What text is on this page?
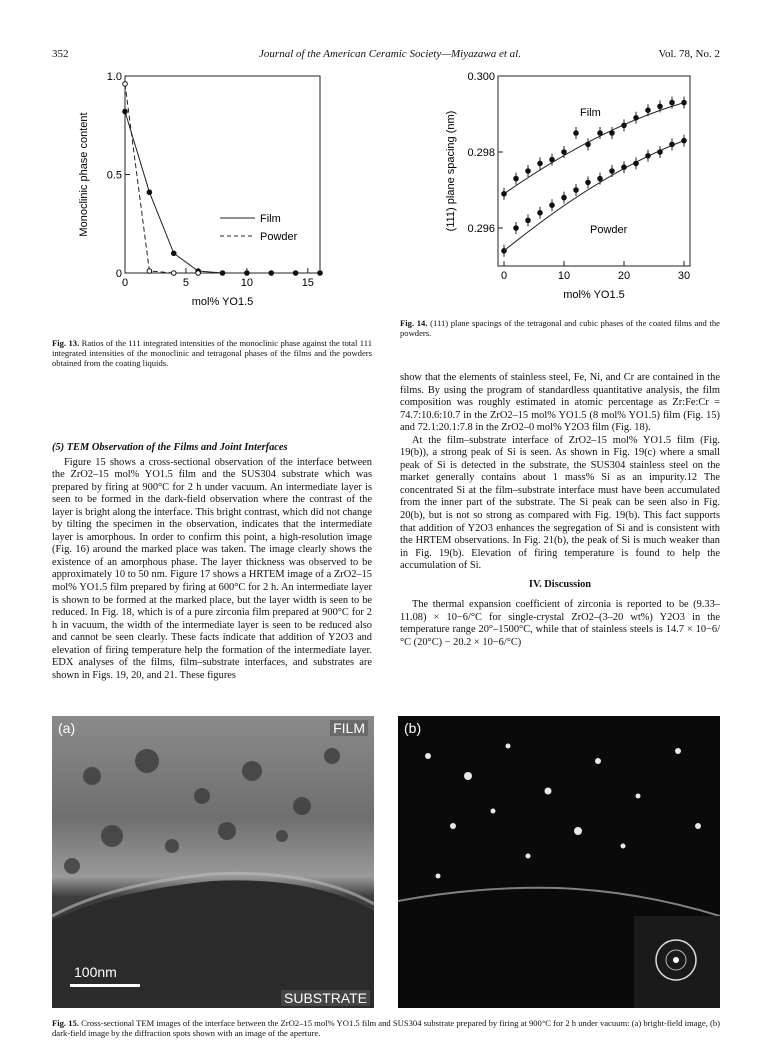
352	Journal of the American Ceramic Society—Miyazawa et al.	Vol. 78, No. 2
0
0.5
1.0
0	5	10	15
mol% YO1.5
Monoclinic phase content	Film
Powder
Fig. 13. Ratios of the 111 integrated intensities of the monoclinic phase against the total 111 integrated intensities of the monoclinic and tetragonal phases of the films and the powders obtained from the coating liquids.
0.296
0.298
0.300
0	10	20	30
mol% YO1.5
(111) plane spacing (nm)	Film
Powder
Fig. 14. (111) plane spacings of the tetragonal and cubic phases of the coated films and the powders.

(5) TEM Observation of the Films and Joint Interfaces

Figure 15 shows a cross-sectional observation of the interface between the ZrO2–15 mol% YO1.5 film and the SUS304 substrate which was prepared by firing at 900°C for 2 h under vacuum. An intermediate layer is seen to be formed in the dark-field observation where the contrast of the layer is bright along the interface. This bright contrast, which did not change by tilting the specimen in the observation, indicates that the intermediate layer is amorphous. In order to confirm this point, a high-resolution image (Fig. 16) around the marked place was taken. The image clearly shows the existence of an amorphous phase. The layer thickness was observed to be approximately 10 to 50 nm. Figure 17 shows a HRTEM image of a ZrO2–15 mol% YO1.5 film prepared by firing at 600°C for 2 h. An intermediate layer is shown to be formed at the marked place, but the layer width is seen to be reduced. In Fig. 18, which is of a pure zirconia film prepared at 900°C for 2 h in vacuum, the width of the intermediate layer is seen to be reduced also and cannot be seen clearly. These facts indicate that addition of Y2O3 and elevation of firing temperature help the formation of the intermediate layer. EDX analyses of the films, film–substrate interfaces, and substrates are shown in Figs. 19, 20, and 21. These figures

show that the elements of stainless steel, Fe, Ni, and Cr are contained in the films. By using the program of standardless quantitative analysis, the film composition was roughly estimated in atomic percentage as Zr:Fe:Cr = 74.7:10.6:10.7 in the ZrO2–15 mol% YO1.5 (8 mol% YO1.5) film (Fig. 15) and 72.1:20.1:7.8 in the ZrO2–0 mol% Y2O3 film (Fig. 18).

At the film–substrate interface of ZrO2–15 mol% YO1.5 film (Fig. 19(b)), a strong peak of Si is seen. As shown in Fig. 19(c) where a small peak of Si is detected in the substrate, the SUS304 stainless steel on the market generally contains about 1 mass% Si as an impurity.12 The concentrated Si at the film–substrate interface must have been accumulated from the inner part of the substrate. The Si peak can be seen also in Fig. 20(b), but is not so strong as compared with Fig. 19(b). This fact supports that addition of Y2O3 enhances the segregation of Si and is consistent with the HRTEM observations. In Fig. 21(b), the peak of Si is much weaker than in Fig. 19(b). Elevation of firing temperature is found to help the accumulation of Si.

IV. Discussion

The thermal expansion coefficient of zirconia is reported to be (9.33–11.08) × 10−6/°C for single-crystal ZrO2–(3–20 wt%) Y2O3 in the temperature range 20°–1500°C, while that of stainless steels is 14.7 × 10−6/°C (20°C) − 20.2 × 10−6/°C)

(a)	FILM
100nm
SUBSTRATE
(b)
Fig. 15. Cross-sectional TEM images of the interface between the ZrO2–15 mol% YO1.5 film and SUS304 substrate prepared by firing at 900°C for 2 h under vacuum: (a) bright-field image, (b) dark-field image by the diffraction spots shown with an image of the aperture.
